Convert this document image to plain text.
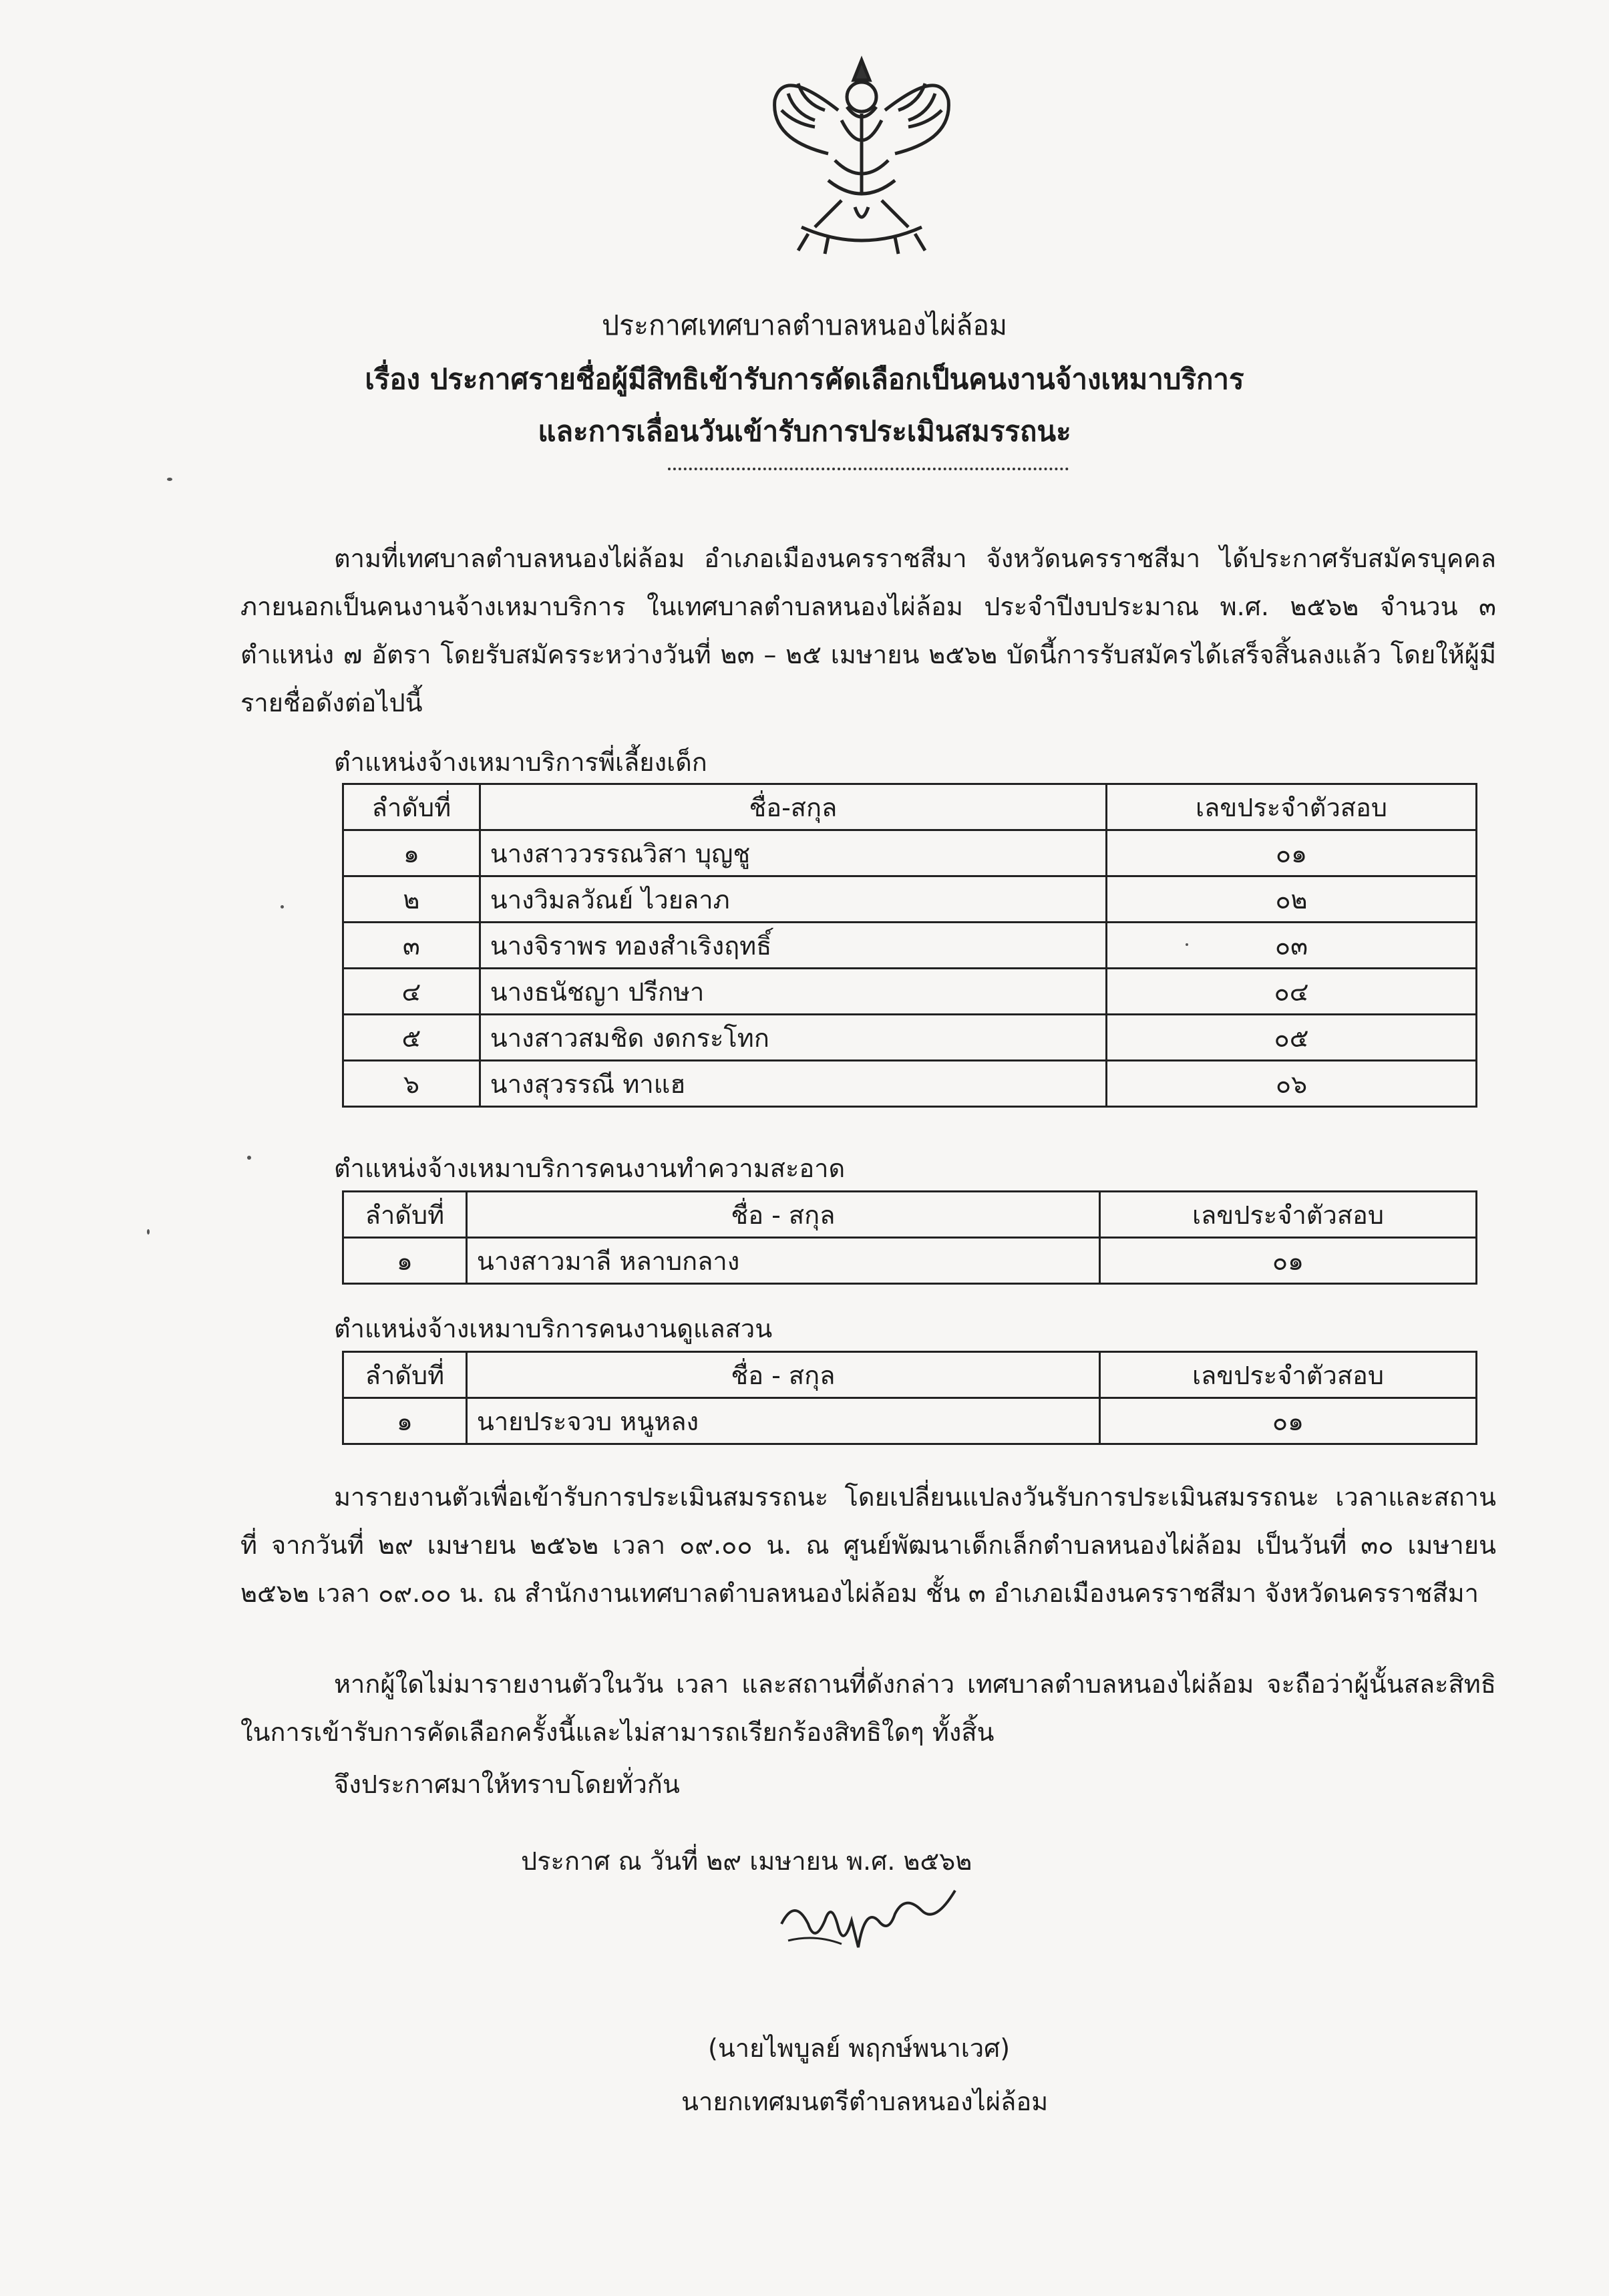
ประกาศเทศบาลตำบลหนองไผ่ล้อม
เรื่อง ประกาศรายชื่อผู้มีสิทธิเข้ารับการคัดเลือกเป็นคนงานจ้างเหมาบริการ
และการเลื่อนวันเข้ารับการประเมินสมรรถนะ
ตามที่เทศบาลตำบลหนองไผ่ล้อม อำเภอเมืองนครราชสีมา จังหวัดนครราชสีมา ได้ประกาศรับสมัครบุคคลภายนอกเป็นคนงานจ้างเหมาบริการ ในเทศบาลตำบลหนองไผ่ล้อม ประจำปีงบประมาณ พ.ศ. ๒๕๖๒ จำนวน ๓ ตำแหน่ง ๗ อัตรา โดยรับสมัครระหว่างวันที่ ๒๓ – ๒๕ เมษายน ๒๕๖๒ บัดนี้การรับสมัครได้เสร็จสิ้นลงแล้ว โดยให้ผู้มีรายชื่อดังต่อไปนี้
ตำแหน่งจ้างเหมาบริการพี่เลี้ยงเด็ก
ลำดับที่	ชื่อ-สกุล	เลขประจำตัวสอบ
๑	นางสาววรรณวิสา บุญชู	๐๑
๒	นางวิมลวัณย์ ไวยลาภ	๐๒
๓	นางจิราพร ทองสำเริงฤทธิ์	๐๓
๔	นางธนัชญา ปรีกษา	๐๔
๕	นางสาวสมชิด งดกระโทก	๐๕
๖	นางสุวรรณี ทาแฮ	๐๖
ตำแหน่งจ้างเหมาบริการคนงานทำความสะอาด
ลำดับที่	ชื่อ - สกุล	เลขประจำตัวสอบ
๑	นางสาวมาลี หลาบกลาง	๐๑
ตำแหน่งจ้างเหมาบริการคนงานดูแลสวน
ลำดับที่	ชื่อ - สกุล	เลขประจำตัวสอบ
๑	นายประจวบ หนูหลง	๐๑
มารายงานตัวเพื่อเข้ารับการประเมินสมรรถนะ โดยเปลี่ยนแปลงวันรับการประเมินสมรรถนะ เวลาและสถานที่ จากวันที่ ๒๙ เมษายน ๒๕๖๒ เวลา ๐๙.๐๐ น. ณ ศูนย์พัฒนาเด็กเล็กตำบลหนองไผ่ล้อม เป็นวันที่ ๓๐ เมษายน ๒๕๖๒ เวลา ๐๙.๐๐ น. ณ สำนักงานเทศบาลตำบลหนองไผ่ล้อม ชั้น ๓ อำเภอเมืองนครราชสีมา จังหวัดนครราชสีมา
หากผู้ใดไม่มารายงานตัวในวัน เวลา และสถานที่ดังกล่าว เทศบาลตำบลหนองไผ่ล้อม จะถือว่าผู้นั้นสละสิทธิในการเข้ารับการคัดเลือกครั้งนี้และไม่สามารถเรียกร้องสิทธิใดๆ ทั้งสิ้น
จึงประกาศมาให้ทราบโดยทั่วกัน
ประกาศ ณ วันที่ ๒๙ เมษายน พ.ศ. ๒๕๖๒
(นายไพบูลย์ พฤกษ์พนาเวศ)
นายกเทศมนตรีตำบลหนองไผ่ล้อม
